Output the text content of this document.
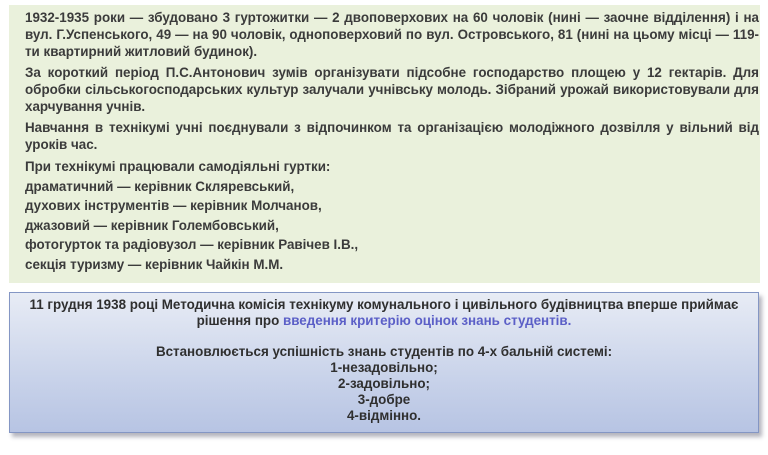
1932-1935 роки — збудовано 3 гуртожитки — 2 двоповерхових на 60 чоловік (нині — заочне відділення) і на вул. Г.Успенського, 49 — на 90 чоловік, одноповерховий по вул. Островського, 81 (нині на цьому місці — 119-ти квартирний житловий будинок).

За короткий період П.С.Антонович зумів організувати підсобне господарство площею у 12 гектарів. Для обробки сільськогосподарських культур залучали учнівську молодь. Зібраний урожай використовували для харчування учнів.

Навчання в технікумі учні поєднували з відпочинком та організацією молодіжного дозвілля у вільний від уроків час.

При технікумі працювали самодіяльні гуртки:

драматичний — керівник Скляревський,
духових інструментів — керівник Молчанов,
джазовий — керівник Голембовський,
фотогурток та радіовузол — керівник Равічев І.В.,
секція туризму — керівник Чайкін М.М.
11 грудня 1938 році Методична комісія технікуму комунального і цивільного будівництва вперше приймає
рішення про введення критерію оцінок знань студентів.
Встановлюється успішність знань студентів по 4-х бальній системі:
1-незадовільно;
2-задовільно;
3-добре
4-відмінно.
